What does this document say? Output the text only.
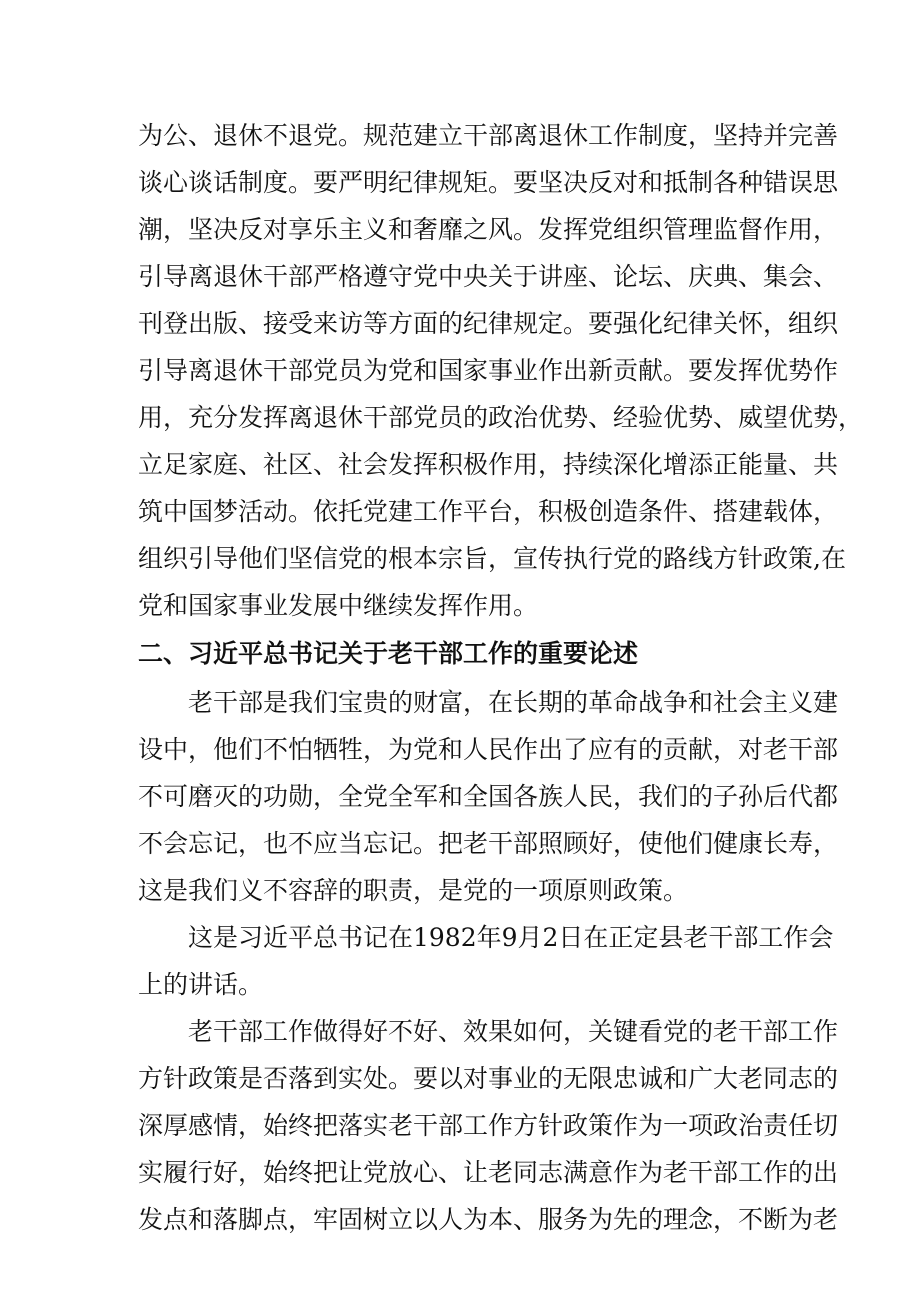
为公、退休不退党。规范建立干部离退休工作制度，坚持并完善
谈心谈话制度。要严明纪律规矩。要坚决反对和抵制各种错误思
潮，坚决反对享乐主义和奢靡之风。发挥党组织管理监督作用，
引导离退休干部严格遵守党中央关于讲座、论坛、庆典、集会、
刊登出版、接受来访等方面的纪律规定。要强化纪律关怀，组织
引导离退休干部党员为党和国家事业作出新贡献。要发挥优势作
用，充分发挥离退休干部党员的政治优势、经验优势、威望优势，
立足家庭、社区、社会发挥积极作用，持续深化增添正能量、共
筑中国梦活动。依托党建工作平台，积极创造条件、搭建载体，
组织引导他们坚信党的根本宗旨，宣传执行党的路线方针政策,在
党和国家事业发展中继续发挥作用。
二、习近平总书记关于老干部工作的重要论述
老干部是我们宝贵的财富，在长期的革命战争和社会主义建
设中，他们不怕牺牲，为党和人民作出了应有的贡献，对老干部
不可磨灭的功勋，全党全军和全国各族人民，我们的子孙后代都
不会忘记，也不应当忘记。把老干部照顾好，使他们健康长寿，
这是我们义不容辞的职责，是党的一项原则政策。
这是习近平总书记在1982年9月2日在正定县老干部工作会
上的讲话。
老干部工作做得好不好、效果如何，关键看党的老干部工作
方针政策是否落到实处。要以对事业的无限忠诚和广大老同志的
深厚感情，始终把落实老干部工作方针政策作为一项政治责任切
实履行好，始终把让党放心、让老同志满意作为老干部工作的出
发点和落脚点，牢固树立以人为本、服务为先的理念，不断为老
